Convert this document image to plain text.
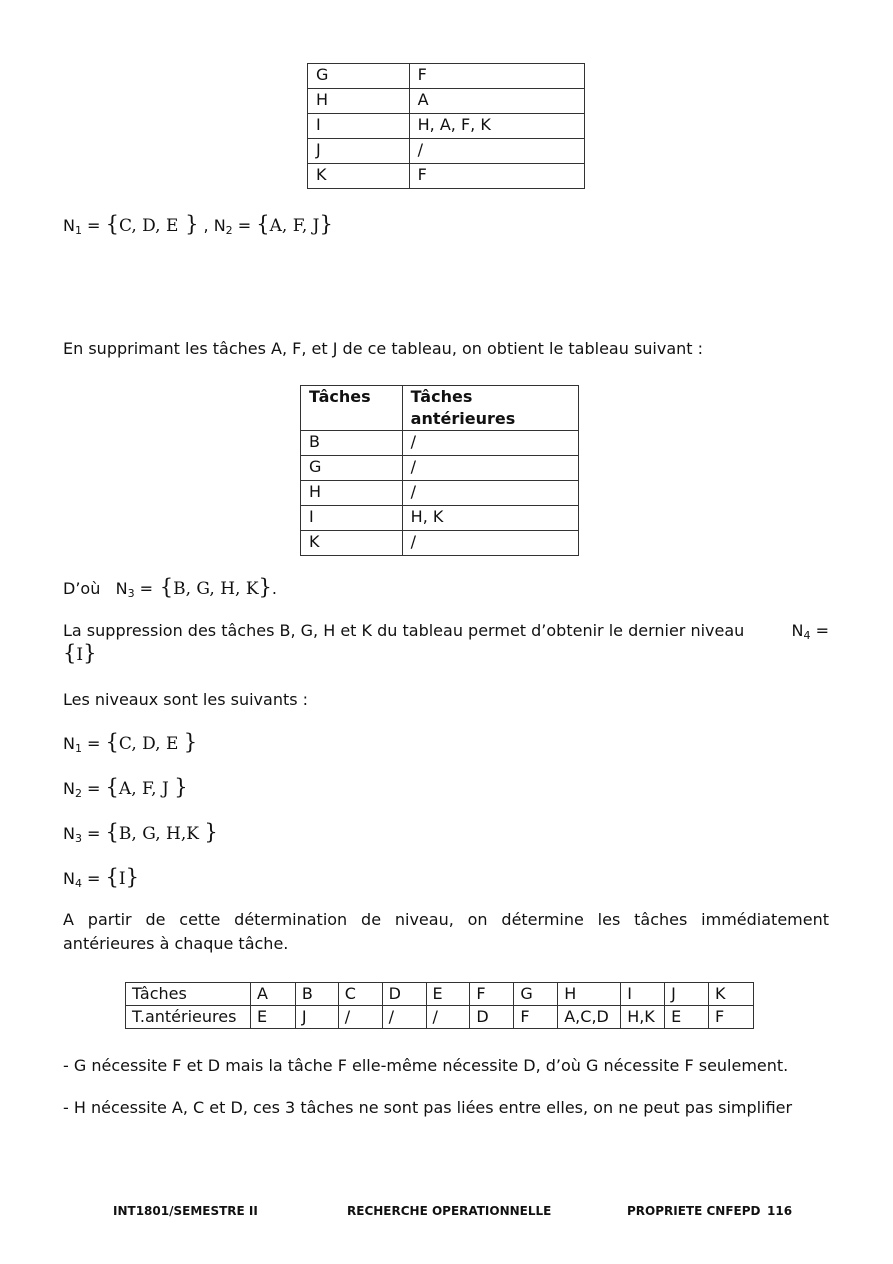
G	F
H	A
I	H, A, F, K
J	/
K	F
N1 = {C, D, E } , N2 = {A, F, J}
En supprimant les tâches A, F, et J de ce tableau, on obtient le tableau suivant :
Tâches	Tâches antérieures
B	/
G	/
H	/
I	H, K
K	/
D’où N3 = {B, G, H, K}.
La suppression des tâches B, G, H et K du tableau permet d’obtenir le dernier niveau	N4 =
{I}
Les niveaux sont les suivants :
N1 = {C, D, E }
N2 = {A, F, J }
N3 = {B, G, H,K }
N4 = {I}
A partir de cette détermination de niveau, on détermine les tâches immédiatement
antérieures à chaque tâche.
Tâches	A	B	C	D	E	F	G	H	I	J	K
T.antérieures	E	J	/	/	/	D	F	A,C,D	H,K	E	F
- G nécessite F et D mais la tâche F elle-même nécessite D, d’où G nécessite F seulement.
- H nécessite A, C et D, ces 3 tâches ne sont pas liées entre elles, on ne peut pas simplifier
INT1801/SEMESTRE II	RECHERCHE OPERATIONNELLE	PROPRIETE CNFEPD 116
